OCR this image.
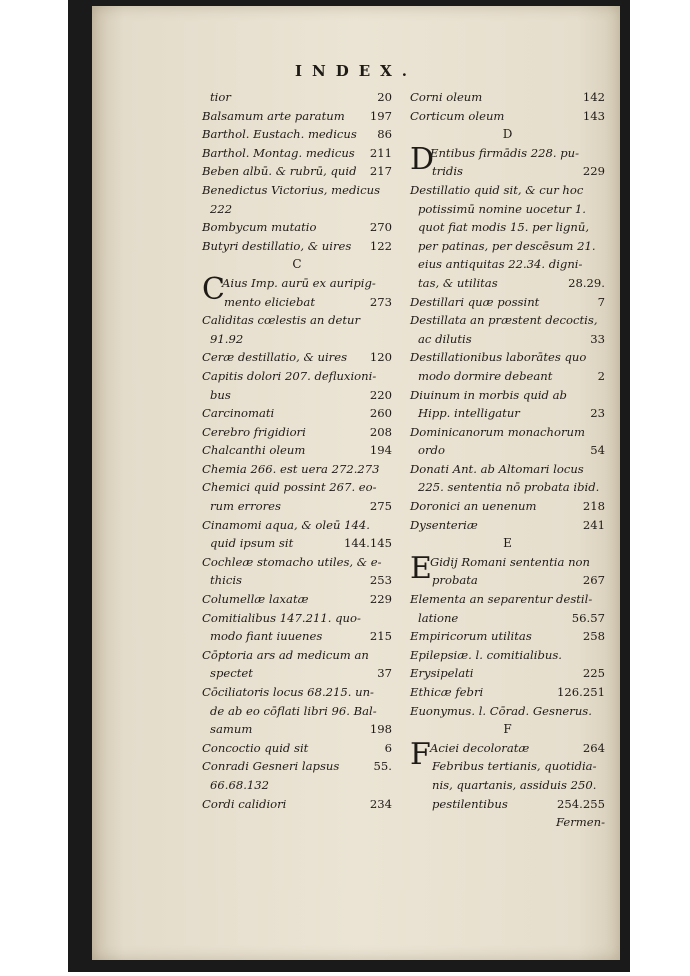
INDEX.
tior	20
Balsamum arte paratum 197
Barthol. Eustach. medicus 86
Barthol. Montag. medicus 211
Beben albū. & rubrū, quid 217
Benedictus Victorius, medicus
222
Bombycum mutatio	270
Butyri destillatio, & uires 122
C
C
Aius Imp. aurū ex auripig-
mento eliciebat	273
Caliditas cœlestis an detur
91.92
Ceræ destillatio, & uires 120
Capitis dolori 207. defluxioni-
bus	220
Carcinomati	260
Cerebro frigidiori	208
Chalcanthi oleum	194
Chemia 266. est uera 272.273
Chemici quid possint 267. eo-
rum errores	275
Cinamomi aqua, & oleū 144.
quid ipsum sit	144.145
Cochleæ stomacho utiles, & e-
thicis	253
Columellæ laxatæ	229
Comitialibus 147.211. quo-
modo fiant iuuenes	215
Cōptoria ars ad medicum an
spectet	37
Cōciliatoris locus 68.215. un-
de ab eo cōflati libri 96. Bal-
samum	198
Concoctio quid sit	6
Conradi Gesneri lapsus	55.
66.68.132
Cordi calidiori	234
Corni oleum	142
Corticum oleum	143
D
D
Entibus firmādis 228. pu-
tridis	229
Destillatio quid sit, & cur hoc
potissimū nomine uocetur 1.
quot fiat modis 15. per lignū,
per patinas, per descēsum 21.
eius antiquitas 22.34. digni-
tas, & utilitas	28.29.
Destillari quæ possint	7
Destillata an præstent decoctis,
ac dilutis	33
Destillationibus laborātes quo
modo dormire debeant	2
Diuinum in morbis quid ab
Hipp. intelligatur	23
Dominicanorum monachorum
ordo	54
Donati Ant. ab Altomari locus
225. sententia nō probata ibid.
Doronici an uenenum	218
Dysenteriæ	241
E
E
Gidij Romani sententia non
probata	267
Elementa an separentur destil-
latione	56.57
Empiricorum utilitas	258
Epilepsiæ. l. comitialibus.
Erysipelati	225
Ethicæ febri	126.251
Euonymus. l. Cōrad. Gesnerus.
F
F Aciei decoloratæ	264
Febribus tertianis, quotidia-
nis, quartanis, assiduis 250.
pestilentibus	254.255
Fermen-
